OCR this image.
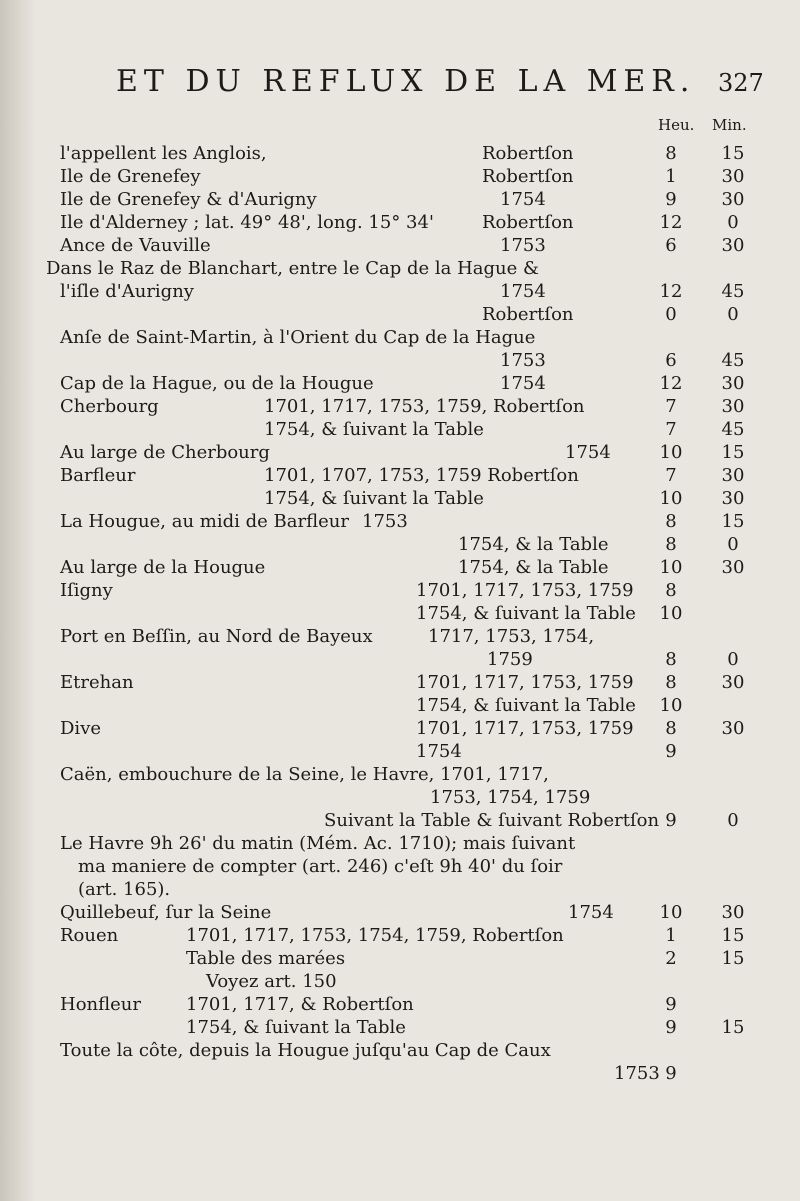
ET DU REFLUX DE LA MER. 327
Heu. Min.
l'appellent les Anglois,	Robertſon	8	15
Ile de Grenefey	Robertſon	1	30
Ile de Grenefey & d'Aurigny	1754	9	30
Ile d'Alderney ; lat. 49° 48', long. 15° 34'	Robertſon	12	0
Ance de Vauville	1753	6	30
Dans le Raz de Blanchart, entre le Cap de la Hague &
l'iſle d'Aurigny	1754	12	45
Robertſon	0	0
Anſe de Saint-Martin, à l'Orient du Cap de la Hague
1753	6	45
Cap de la Hague, ou de la Hougue	1754	12	30
Cherbourg	1701, 1717, 1753, 1759, Robertſon	7	30
1754, & ſuivant la Table	7	45
Au large de Cherbourg	1754	10	15
Barfleur	1701, 1707, 1753, 1759 Robertſon	7	30
1754, & ſuivant la Table	10	30
La Hougue, au midi de Barfleur 1753	8	15
1754, & la Table	8	0
Au large de la Hougue	1754, & la Table	10	30
Iſigny	1701, 1717, 1753, 1759	8
1754, & ſuivant la Table	10
Port en Beſſin, au Nord de Bayeux	1717, 1753, 1754,
1759	8	0
Etrehan	1701, 1717, 1753, 1759	8	30
1754, & ſuivant la Table	10
Dive	1701, 1717, 1753, 1759	8	30
1754	9
Caën, embouchure de la Seine, le Havre, 1701, 1717,
1753, 1754, 1759
Suivant la Table & ſuivant Robertſon 9	0
Le Havre 9h 26' du matin (Mém. Ac. 1710); mais ſuivant
ma maniere de compter (art. 246) c'eſt 9h 40' du ſoir
(art. 165).
Quillebeuf, ſur la Seine	1754	10	30
Rouen	1701, 1717, 1753, 1754, 1759, Robertſon	1	15
Table des marées	2	15
Voyez art. 150
Honfleur	1701, 1717, & Robertſon	9
1754, & ſuivant la Table	9	15
Toute la côte, depuis la Hougue juſqu'au Cap de Caux
1753 9
